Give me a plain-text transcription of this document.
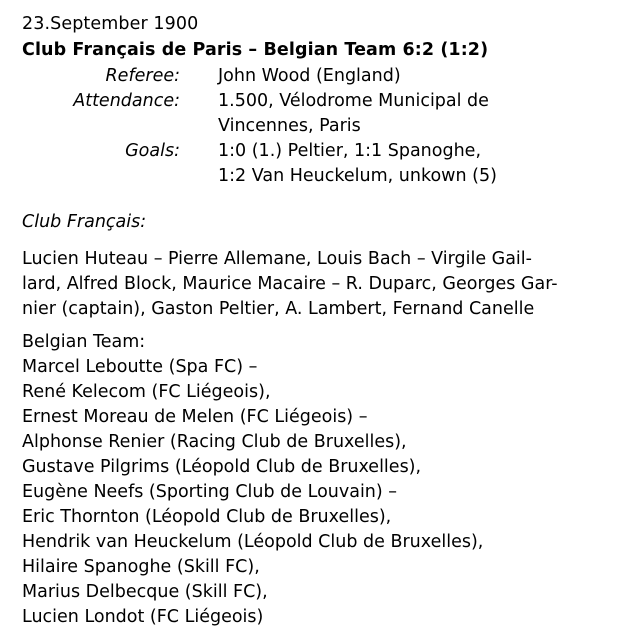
23.September 1900
Club Français de Paris – Belgian Team 6:2 (1:2)
Referee:	John Wood (England)
Attendance:	1.500, Vélodrome Municipal de
	Vincennes, Paris
Goals:	1:0 (1.) Peltier, 1:1 Spanoghe,
	1:2 Van Heuckelum, unkown (5)
Club Français:
Lucien Huteau – Pierre Allemane, Louis Bach – Virgile Gail-
lard, Alfred Block, Maurice Macaire – R. Duparc, Georges Gar-
nier (captain), Gaston Peltier, A. Lambert, Fernand Canelle
Belgian Team:
Marcel Leboutte (Spa FC) –
René Kelecom (FC Liégeois),
Ernest Moreau de Melen (FC Liégeois) –
Alphonse Renier (Racing Club de Bruxelles),
Gustave Pilgrims (Léopold Club de Bruxelles),
Eugène Neefs (Sporting Club de Louvain) –
Eric Thornton (Léopold Club de Bruxelles),
Hendrik van Heuckelum (Léopold Club de Bruxelles),
Hilaire Spanoghe (Skill FC),
Marius Delbecque (Skill FC),
Lucien Londot (FC Liégeois)
